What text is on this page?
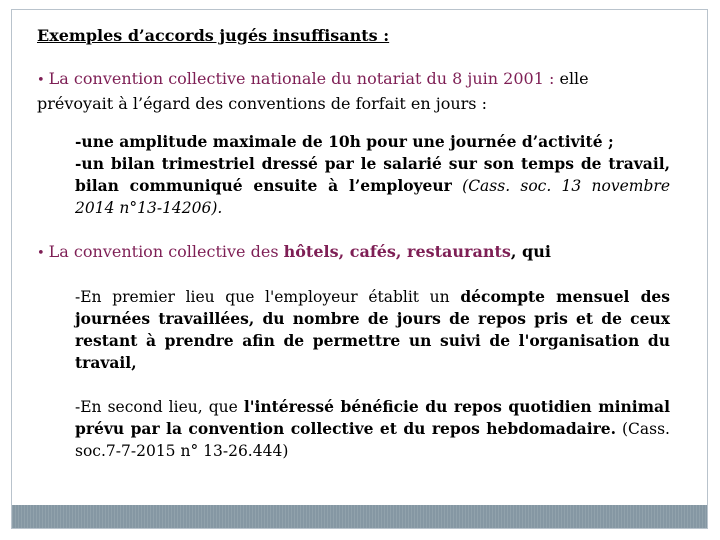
Exemples d’accords jugés insuffisants :
• La convention collective nationale du notariat du 8 juin 2001 : elle
prévoyait à l’égard des conventions de forfait en jours :

-une amplitude maximale de 10h pour une journée d’activité ;

-un bilan trimestriel dressé par le salarié sur son temps de travail, bilan communiqué ensuite à l’employeur (Cass. soc. 13 novembre 2014 n°13-14206).

• La convention collective des hôtels, cafés, restaurants, qui

-En premier lieu que l'employeur établit un décompte mensuel des journées travaillées, du nombre de jours de repos pris et de ceux restant à prendre afin de permettre un suivi de l'organisation du travail,

-En second lieu, que l'intéressé bénéficie du repos quotidien minimal prévu par la convention collective et du repos hebdomadaire. (Cass. soc.7-7-2015 n° 13-26.444)
